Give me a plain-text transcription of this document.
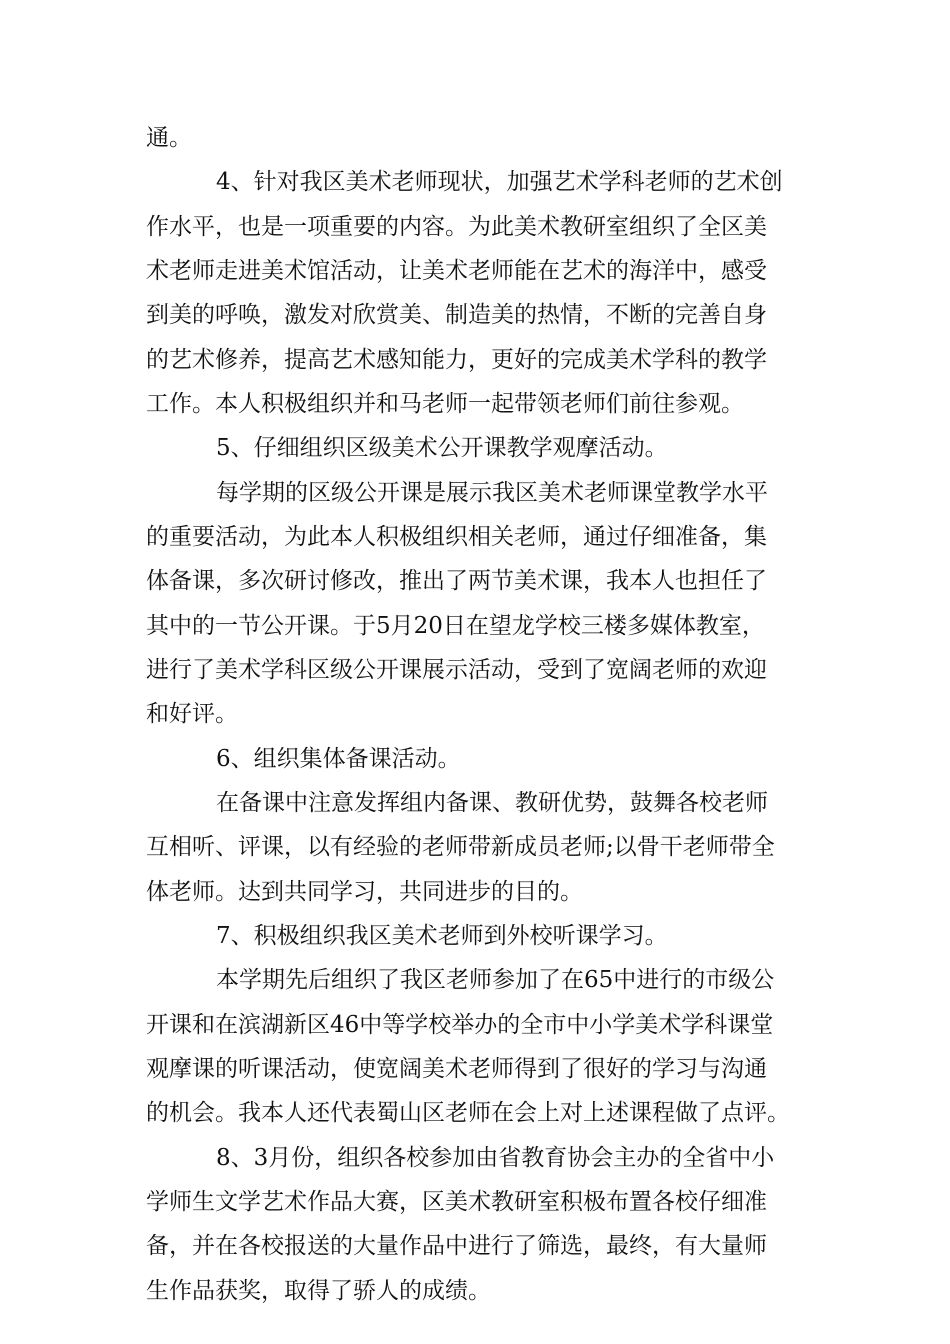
通。
4、针对我区美术老师现状，加强艺术学科老师的艺术创
作水平，也是一项重要的内容。为此美术教研室组织了全区美
术老师走进美术馆活动，让美术老师能在艺术的海洋中，感受
到美的呼唤，激发对欣赏美、制造美的热情，不断的完善自身
的艺术修养，提高艺术感知能力，更好的完成美术学科的教学
工作。本人积极组织并和马老师一起带领老师们前往参观。
5、仔细组织区级美术公开课教学观摩活动。
每学期的区级公开课是展示我区美术老师课堂教学水平
的重要活动，为此本人积极组织相关老师，通过仔细准备，集
体备课，多次研讨修改，推出了两节美术课，我本人也担任了
其中的一节公开课。于5月20日在望龙学校三楼多媒体教室，
进行了美术学科区级公开课展示活动，受到了宽阔老师的欢迎
和好评。
6、组织集体备课活动。
在备课中注意发挥组内备课、教研优势，鼓舞各校老师
互相听、评课，以有经验的老师带新成员老师;以骨干老师带全
体老师。达到共同学习，共同进步的目的。
7、积极组织我区美术老师到外校听课学习。
本学期先后组织了我区老师参加了在65中进行的市级公
开课和在滨湖新区46中等学校举办的全市中小学美术学科课堂
观摩课的听课活动，使宽阔美术老师得到了很好的学习与沟通
的机会。我本人还代表蜀山区老师在会上对上述课程做了点评。
8、3月份，组织各校参加由省教育协会主办的全省中小
学师生文学艺术作品大赛，区美术教研室积极布置各校仔细准
备，并在各校报送的大量作品中进行了筛选，最终，有大量师
生作品获奖，取得了骄人的成绩。
